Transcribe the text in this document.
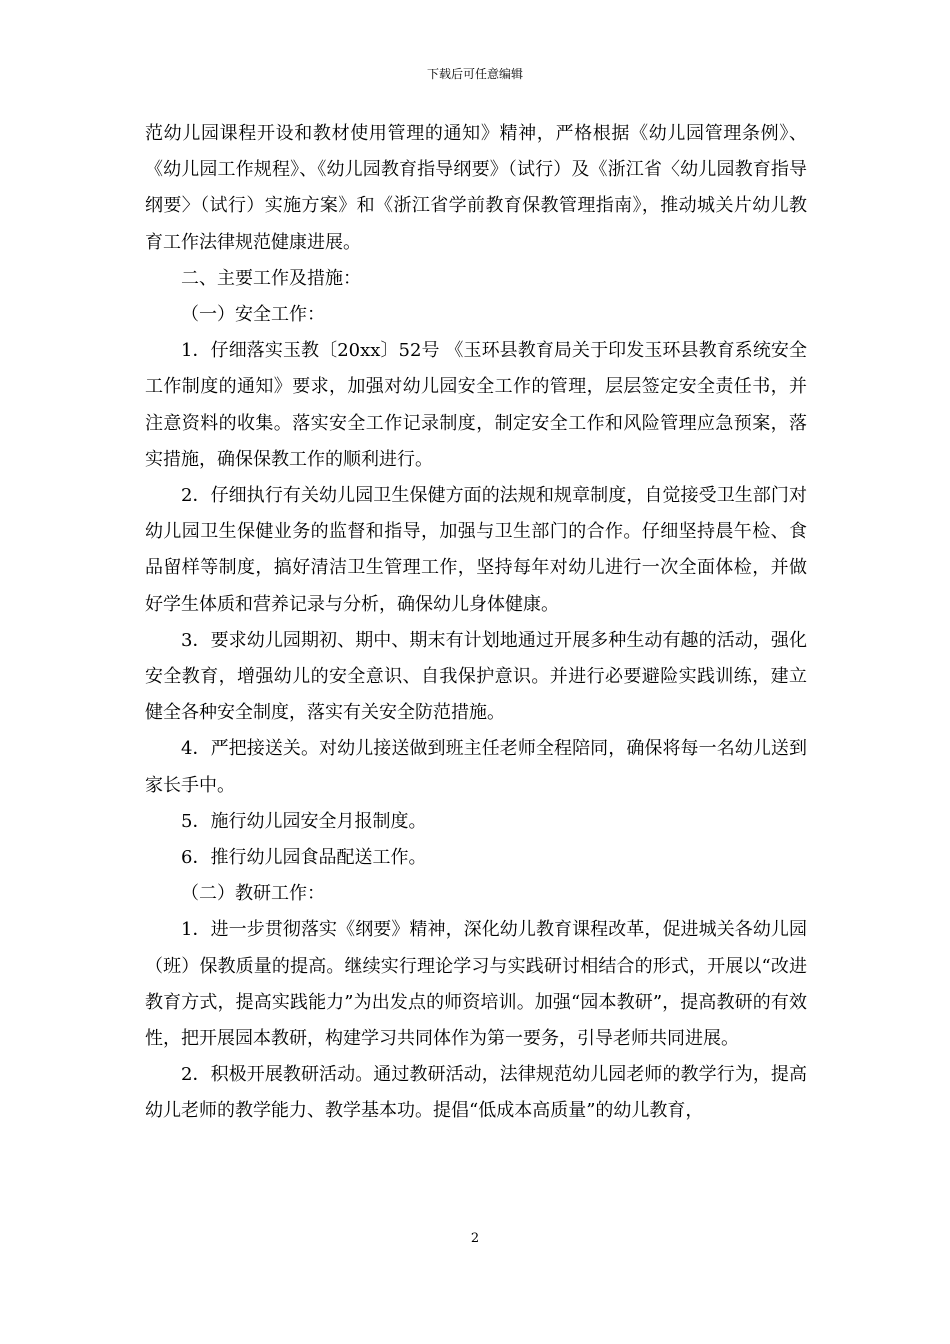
下载后可任意编辑

范幼儿园课程开设和教材使用管理的通知》精神，严格根据《幼儿园管理条例》、《幼儿园工作规程》、《幼儿园教育指导纲要》（试行）及《浙江省〈幼儿园教育指导纲要〉（试行）实施方案》和《浙江省学前教育保教管理指南》，推动城关片幼儿教育工作法律规范健康进展。

二、主要工作及措施：

（一）安全工作：

1．仔细落实玉教〔20xx〕52号 《玉环县教育局关于印发玉环县教育系统安全工作制度的通知》要求，加强对幼儿园安全工作的管理，层层签定安全责任书，并注意资料的收集。落实安全工作记录制度，制定安全工作和风险管理应急预案，落实措施，确保保教工作的顺利进行。

2．仔细执行有关幼儿园卫生保健方面的法规和规章制度，自觉接受卫生部门对幼儿园卫生保健业务的监督和指导，加强与卫生部门的合作。仔细坚持晨午检、食品留样等制度，搞好清洁卫生管理工作，坚持每年对幼儿进行一次全面体检，并做好学生体质和营养记录与分析，确保幼儿身体健康。

3．要求幼儿园期初、期中、期末有计划地通过开展多种生动有趣的活动，强化安全教育，增强幼儿的安全意识、自我保护意识。并进行必要避险实践训练，建立健全各种安全制度，落实有关安全防范措施。

4．严把接送关。对幼儿接送做到班主任老师全程陪同，确保将每一名幼儿送到家长手中。

5．施行幼儿园安全月报制度。

6．推行幼儿园食品配送工作。

（二）教研工作：

1．进一步贯彻落实《纲要》精神，深化幼儿教育课程改革，促进城关各幼儿园（班）保教质量的提高。继续实行理论学习与实践研讨相结合的形式，开展以“改进教育方式，提高实践能力”为出发点的师资培训。加强“园本教研”，提高教研的有效性，把开展园本教研，构建学习共同体作为第一要务，引导老师共同进展。

2．积极开展教研活动。通过教研活动，法律规范幼儿园老师的教学行为，提高幼儿老师的教学能力、教学基本功。提倡“低成本高质量”的幼儿教育，

2
